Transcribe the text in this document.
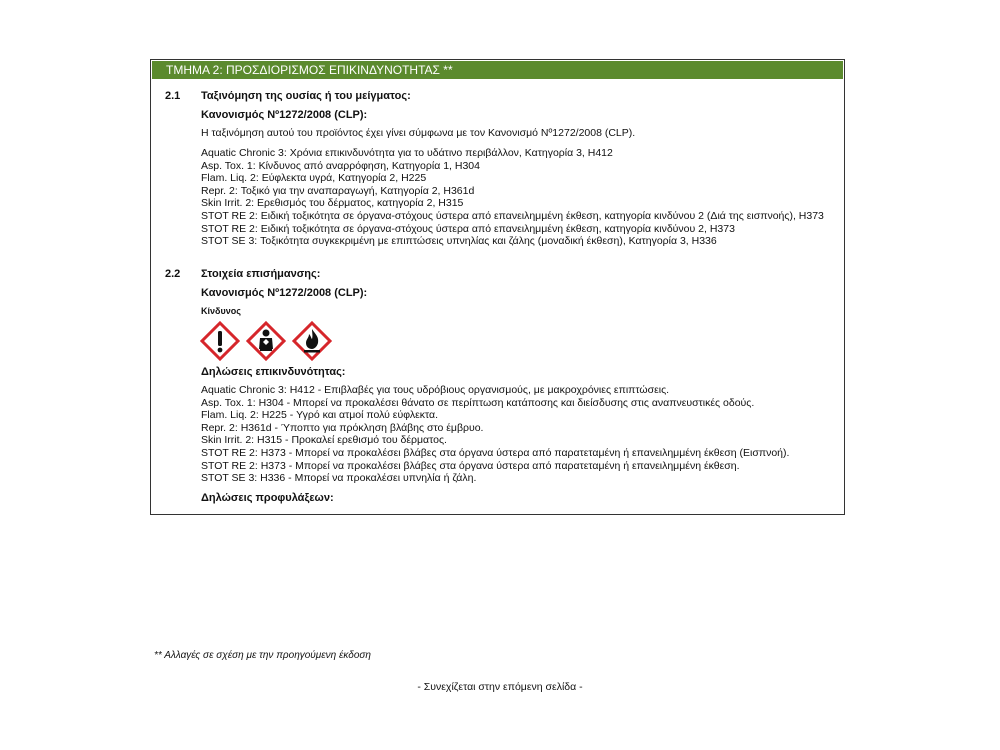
ΤΜΗΜΑ 2: ΠΡΟΣΔΙΟΡΙΣΜΟΣ ΕΠΙΚΙΝΔΥΝΟΤΗΤΑΣ **
2.1 Ταξινόμηση της ουσίας ή του μείγματος:
Κανονισμός Nº1272/2008 (CLP):
Η ταξινόμηση αυτού του προϊόντος έχει γίνει σύμφωνα με τον Κανονισμό Nº1272/2008 (CLP).
Aquatic Chronic 3: Χρόνια επικινδυνότητα για το υδάτινο περιβάλλον, Κατηγορία 3, H412
Asp. Tox. 1: Κίνδυνος από αναρρόφηση, Κατηγορία 1, H304
Flam. Liq. 2: Εύφλεκτα υγρά, Κατηγορία 2, H225
Repr. 2: Τοξικό για την αναπαραγωγή, Κατηγορία 2, H361d
Skin Irrit. 2: Ερεθισμός του δέρματος, κατηγορία 2, H315
STOT RE 2: Ειδική τοξικότητα σε όργανα-στόχους ύστερα από επανειλημμένη έκθεση, κατηγορία κινδύνου 2 (Διά της εισπνοής), H373
STOT RE 2: Ειδική τοξικότητα σε όργανα-στόχους ύστερα από επανειλημμένη έκθεση, κατηγορία κινδύνου 2, H373
STOT SE 3: Τοξικότητα συγκεκριμένη με επιπτώσεις υπνηλίας και ζάλης (μοναδική έκθεση), Κατηγορία 3, H336
2.2 Στοιχεία επισήμανσης:
Κανονισμός Nº1272/2008 (CLP):
Κίνδυνος
Δηλώσεις επικινδυνότητας:
Aquatic Chronic 3: H412 - Επιβλαβές για τους υδρόβιους οργανισμούς, με μακροχρόνιες επιπτώσεις.
Asp. Tox. 1: H304 - Μπορεί να προκαλέσει θάνατο σε περίπτωση κατάποσης και διείσδυσης στις αναπνευστικές οδούς.
Flam. Liq. 2: H225 - Υγρό και ατμοί πολύ εύφλεκτα.
Repr. 2: H361d - Ύποπτο για πρόκληση βλάβης στο έμβρυο.
Skin Irrit. 2: H315 - Προκαλεί ερεθισμό του δέρματος.
STOT RE 2: H373 - Μπορεί να προκαλέσει βλάβες στα όργανα ύστερα από παρατεταμένη ή επανειλημμένη έκθεση (Εισπνοή).
STOT RE 2: H373 - Μπορεί να προκαλέσει βλάβες στα όργανα ύστερα από παρατεταμένη ή επανειλημμένη έκθεση.
STOT SE 3: H336 - Μπορεί να προκαλέσει υπνηλία ή ζάλη.
Δηλώσεις προφυλάξεων:
** Αλλαγές σε σχέση με την προηγούμενη έκδοση
- Συνεχίζεται στην επόμενη σελίδα -
